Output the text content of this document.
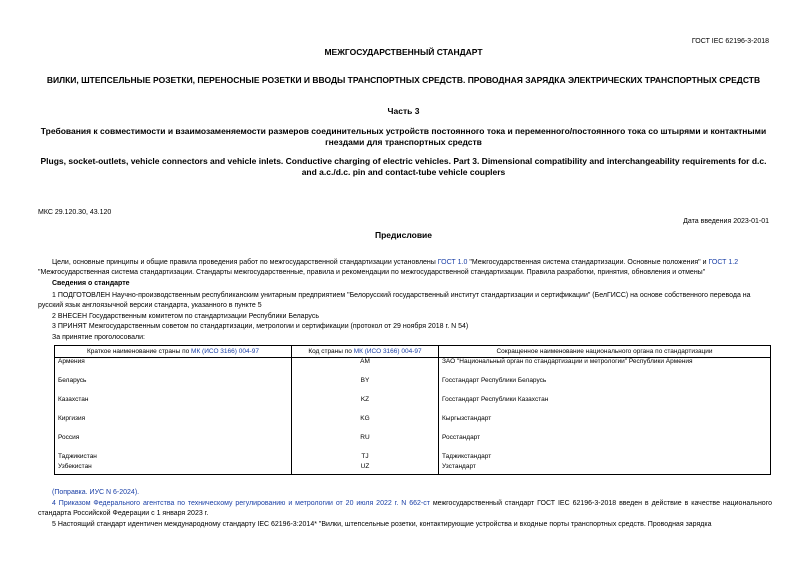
ГОСТ IEC 62196-3-2018
МЕЖГОСУДАРСТВЕННЫЙ СТАНДАРТ
ВИЛКИ, ШТЕПСЕЛЬНЫЕ РОЗЕТКИ, ПЕРЕНОСНЫЕ РОЗЕТКИ И ВВОДЫ ТРАНСПОРТНЫХ СРЕДСТВ. ПРОВОДНАЯ ЗАРЯДКА ЭЛЕКТРИЧЕСКИХ ТРАНСПОРТНЫХ СРЕДСТВ
Часть 3
Требования к совместимости и взаимозаменяемости размеров соединительных устройств постоянного тока и переменного/постоянного тока со штырями и контактными гнездами для транспортных средств
Plugs, socket-outlets, vehicle connectors and vehicle inlets. Conductive charging of electric vehicles. Part 3. Dimensional compatibility and interchangeability requirements for d.c. and a.c./d.c. pin and contact-tube vehicle couplers
МКС 29.120.30, 43.120
Дата введения 2023-01-01
Предисловие
Цели, основные принципы и общие правила проведения работ по межгосударственной стандартизации установлены ГОСТ 1.0 "Межгосударственная система стандартизации. Основные положения" и ГОСТ 1.2 "Межгосударственная система стандартизации. Стандарты межгосударственные, правила и рекомендации по межгосударственной стандартизации. Правила разработки, принятия, обновления и отмены"
Сведения о стандарте
1 ПОДГОТОВЛЕН Научно-производственным республиканским унитарным предприятием "Белорусский государственный институт стандартизации и сертификации" (БелГИСС) на основе собственного перевода на русский язык англоязычной версии стандарта, указанного в пункте 5
2 ВНЕСЕН Государственным комитетом по стандартизации Республики Беларусь
3 ПРИНЯТ Межгосударственным советом по стандартизации, метрологии и сертификации (протокол от 29 ноября 2018 г. N 54)
За принятие проголосовали:
Краткое наименование страны по МК (ИСО 3166) 004-97	Код страны по МК (ИСО 3166) 004-97	Сокращенное наименование национального органа по стандартизации
Армения	AM	ЗАО "Национальный орган по стандартизации и метрологии" Республики Армения
Беларусь	BY	Госстандарт Республики Беларусь
Казахстан	KZ	Госстандарт Республики Казахстан
Киргизия	KG	Кыргызстандарт
Россия	RU	Росстандарт
Таджикистан	TJ	Таджикстандарт
Узбекистан	UZ	Узстандарт
(Поправка. ИУС N 6-2024).
4 Приказом Федерального агентства по техническому регулированию и метрологии от 20 июля 2022 г. N 662-ст межгосударственный стандарт ГОСТ IEC 62196-3-2018 введен в действие в качестве национального стандарта Российской Федерации с 1 января 2023 г.
5 Настоящий стандарт идентичен международному стандарту IEC 62196-3:2014* "Вилки, штепсельные розетки, контактирующие устройства и входные порты транспортных средств. Проводная зарядка
